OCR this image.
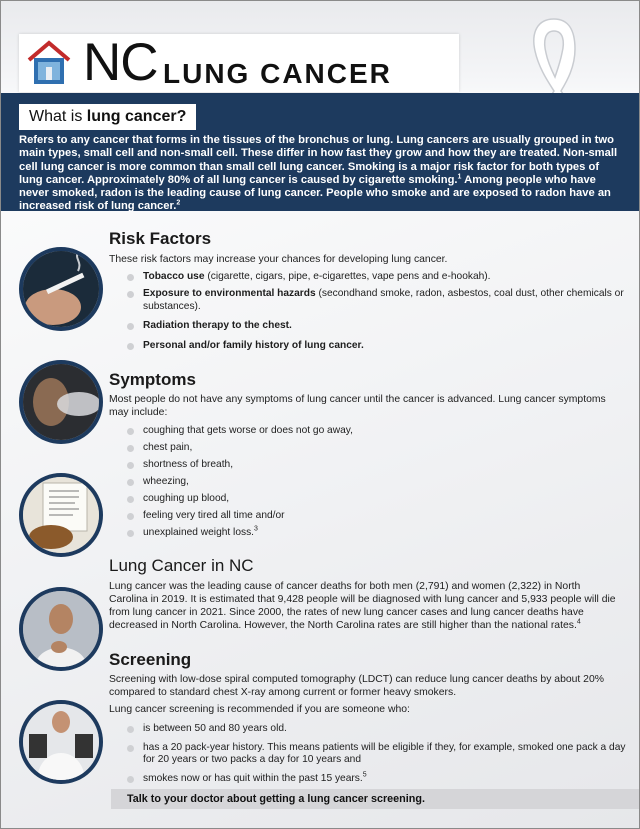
NC LUNG CANCER
What is lung cancer?

Refers to any cancer that forms in the tissues of the bronchus or lung. Lung cancers are usually grouped in two main types, small cell and non-small cell. These differ in how fast they grow and how they are treated. Non-small cell lung cancer is more common than small cell lung cancer. Smoking is a major risk factor for both types of lung cancer. Approximately 80% of all lung cancer is caused by cigarette smoking.$^1$ Among people who have never smoked, radon is the leading cause of lung cancer. People who smoke and are exposed to radon have an increased risk of lung cancer.$^2$

Risk Factors

These risk factors may increase your chances for developing lung cancer.

Tobacco use (cigarette, cigars, pipe, e-cigarettes, vape pens and e-hookah).
Exposure to environmental hazards (secondhand smoke, radon, asbestos, coal dust, other chemicals or substances).
Radiation therapy to the chest.
Personal and/or family history of lung cancer.
Symptoms

Most people do not have any symptoms of lung cancer until the cancer is advanced. Lung cancer symptoms may include:

coughing that gets worse or does not go away,
chest pain,
shortness of breath,
wheezing,
coughing up blood,
feeling very tired all time and/or
unexplained weight loss.$^3$
Lung Cancer in NC

Lung cancer was the leading cause of cancer deaths for both men (2,791) and women (2,322) in North Carolina in 2019. It is estimated that 9,428 people will be diagnosed with lung cancer and 5,933 people will die from lung cancer in 2021. Since 2000, the rates of new lung cancer cases and lung cancer deaths have decreased in North Carolina. However, the North Carolina rates are still higher than the national rates.$^4$

Screening

Screening with low-dose spiral computed tomography (LDCT) can reduce lung cancer deaths by about 20% compared to standard chest X-ray among current or former heavy smokers.

Lung cancer screening is recommended if you are someone who:

is between 50 and 80 years old.
has a 20 pack-year history. This means patients will be eligible if they, for example, smoked one pack a day for 20 years or two packs a day for 10 years and
smokes now or has quit within the past 15 years.$^5$
Talk to your doctor about getting a lung cancer screening.
